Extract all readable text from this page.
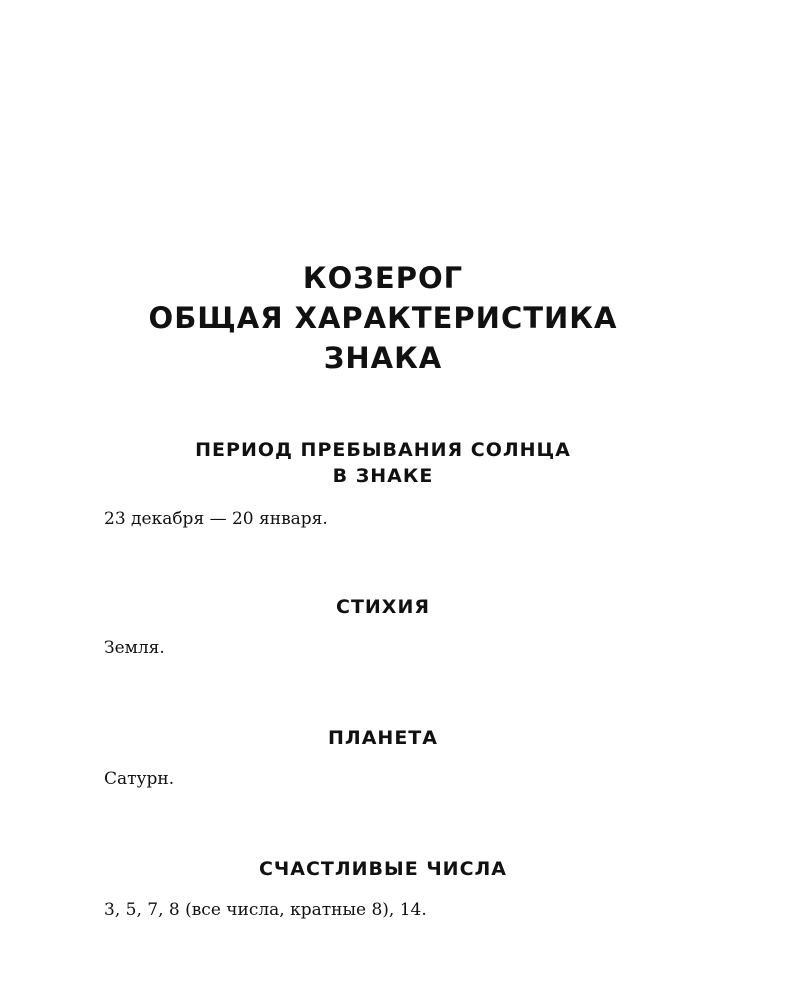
КОЗЕРОГ
ОБЩАЯ ХАРАКТЕРИСТИКА
ЗНАКА
ПЕРИОД ПРЕБЫВАНИЯ СОЛНЦА
В ЗНАКЕ
23 декабря — 20 января.
СТИХИЯ
Земля.
ПЛАНЕТА
Сатурн.
СЧАСТЛИВЫЕ ЧИСЛА
3, 5, 7, 8 (все числа, кратные 8), 14.
